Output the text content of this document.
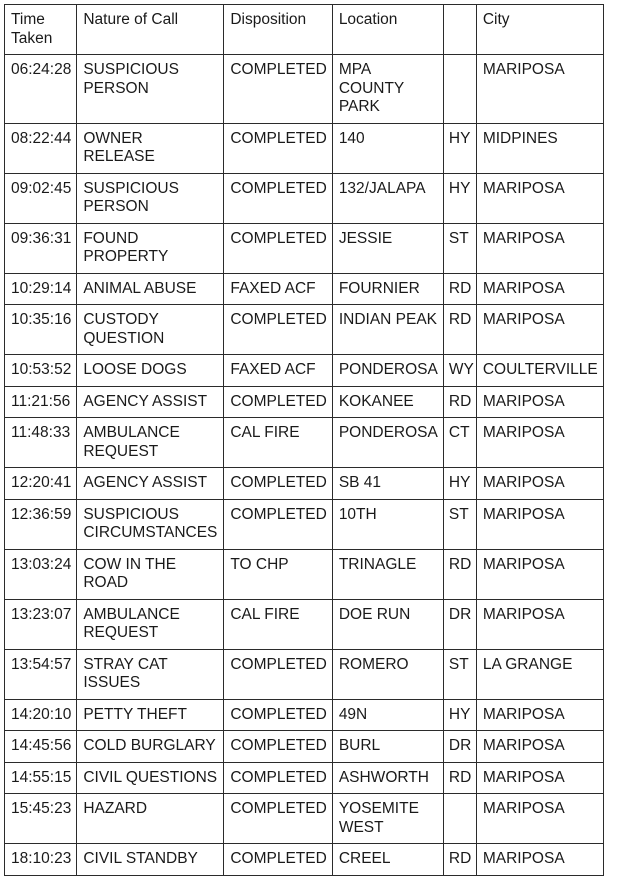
Time
Taken	Nature of Call	Disposition	Location		City
06:24:28	SUSPICIOUS PERSON	COMPLETED	MPA COUNTY PARK		MARIPOSA
08:22:44	OWNER RELEASE	COMPLETED	140	HY	MIDPINES
09:02:45	SUSPICIOUS PERSON	COMPLETED	132/JALAPA	HY	MARIPOSA
09:36:31	FOUND PROPERTY	COMPLETED	JESSIE	ST	MARIPOSA
10:29:14	ANIMAL ABUSE	FAXED ACF	FOURNIER	RD	MARIPOSA
10:35:16	CUSTODY QUESTION	COMPLETED	INDIAN PEAK	RD	MARIPOSA
10:53:52	LOOSE DOGS	FAXED ACF	PONDEROSA	WY	COULTERVILLE
11:21:56	AGENCY ASSIST	COMPLETED	KOKANEE	RD	MARIPOSA
11:48:33	AMBULANCE REQUEST	CAL FIRE	PONDEROSA	CT	MARIPOSA
12:20:41	AGENCY ASSIST	COMPLETED	SB 41	HY	MARIPOSA
12:36:59	SUSPICIOUS CIRCUMSTANCES	COMPLETED	10TH	ST	MARIPOSA
13:03:24	COW IN THE ROAD	TO CHP	TRINAGLE	RD	MARIPOSA
13:23:07	AMBULANCE REQUEST	CAL FIRE	DOE RUN	DR	MARIPOSA
13:54:57	STRAY CAT ISSUES	COMPLETED	ROMERO	ST	LA GRANGE
14:20:10	PETTY THEFT	COMPLETED	49N	HY	MARIPOSA
14:45:56	COLD BURGLARY	COMPLETED	BURL	DR	MARIPOSA
14:55:15	CIVIL QUESTIONS	COMPLETED	ASHWORTH	RD	MARIPOSA
15:45:23	HAZARD	COMPLETED	YOSEMITE WEST		MARIPOSA
18:10:23	CIVIL STANDBY	COMPLETED	CREEL	RD	MARIPOSA
